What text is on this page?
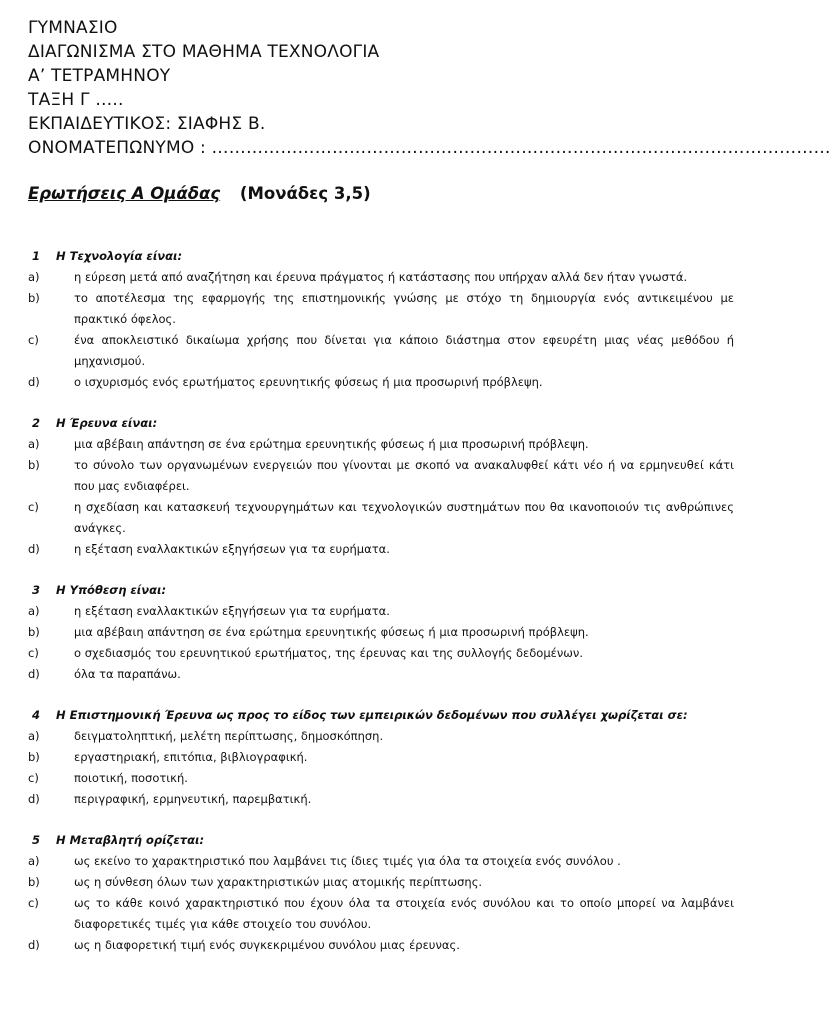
ΓΥΜΝΑΣΙΟ
ΔΙΑΓΩΝΙΣΜΑ ΣΤΟ ΜΑΘΗΜΑ ΤΕΧΝΟΛΟΓΙΑ
Α’ ΤΕΤΡΑΜΗΝΟΥ
ΤΑΞΗ Γ …..
ΕΚΠΑΙΔΕΥΤΙΚΟΣ: ΣΙΑΦΗΣ Β.
ΟΝΟΜΑΤΕΠΩΝΥΜΟ : ………………………………………………………………………………………………
Ερωτήσεις Α Ομάδας (Μονάδες 3,5)
1 Η Τεχνολογία είναι:
a)	η εύρεση μετά από αναζήτηση και έρευνα πράγματος ή κατάστασης που υπήρχαν αλλά δεν ήταν γνωστά.
b)	το αποτέλεσμα της εφαρμογής της επιστημονικής γνώσης με στόχο τη δημιουργία ενός αντικειμένου με πρακτικό όφελος.
c)	ένα αποκλειστικό δικαίωμα χρήσης που δίνεται για κάποιο διάστημα στον εφευρέτη μιας νέας μεθόδου ή μηχανισμού.
d)	ο ισχυρισμός ενός ερωτήματος ερευνητικής φύσεως ή μια προσωρινή πρόβλεψη.
2 Η Έρευνα είναι:
a)	μια αβέβαιη απάντηση σε ένα ερώτημα ερευνητικής φύσεως ή μια προσωρινή πρόβλεψη.
b)	το σύνολο των οργανωμένων ενεργειών που γίνονται με σκοπό να ανακαλυφθεί κάτι νέο ή να ερμηνευθεί κάτι που μας ενδιαφέρει.
c)	η σχεδίαση και κατασκευή τεχνουργημάτων και τεχνολογικών συστημάτων που θα ικανοποιούν τις ανθρώπινες ανάγκες.
d)	η εξέταση εναλλακτικών εξηγήσεων για τα ευρήματα.
3 Η Υπόθεση είναι:
a)	η εξέταση εναλλακτικών εξηγήσεων για τα ευρήματα.
b)	μια αβέβαιη απάντηση σε ένα ερώτημα ερευνητικής φύσεως ή μια προσωρινή πρόβλεψη.
c)	ο σχεδιασμός του ερευνητικού ερωτήματος, της έρευνας και της συλλογής δεδομένων.
d)	όλα τα παραπάνω.
4 Η Επιστημονική Έρευνα ως προς το είδος των εμπειρικών δεδομένων που συλλέγει χωρίζεται σε:
a)	δειγματοληπτική, μελέτη περίπτωσης, δημοσκόπηση.
b)	εργαστηριακή, επιτόπια, βιβλιογραφική.
c)	ποιοτική, ποσοτική.
d)	περιγραφική, ερμηνευτική, παρεμβατική.
5 Η Μεταβλητή ορίζεται:
a)	ως εκείνο το χαρακτηριστικό που λαμβάνει τις ίδιες τιμές για όλα τα στοιχεία ενός συνόλου .
b)	ως η σύνθεση όλων των χαρακτηριστικών μιας ατομικής περίπτωσης.
c)	ως το κάθε κοινό χαρακτηριστικό που έχουν όλα τα στοιχεία ενός συνόλου και το οποίο μπορεί να λαμβάνει διαφορετικές τιμές για κάθε στοιχείο του συνόλου.
d)	ως η διαφορετική τιμή ενός συγκεκριμένου συνόλου μιας έρευνας.
